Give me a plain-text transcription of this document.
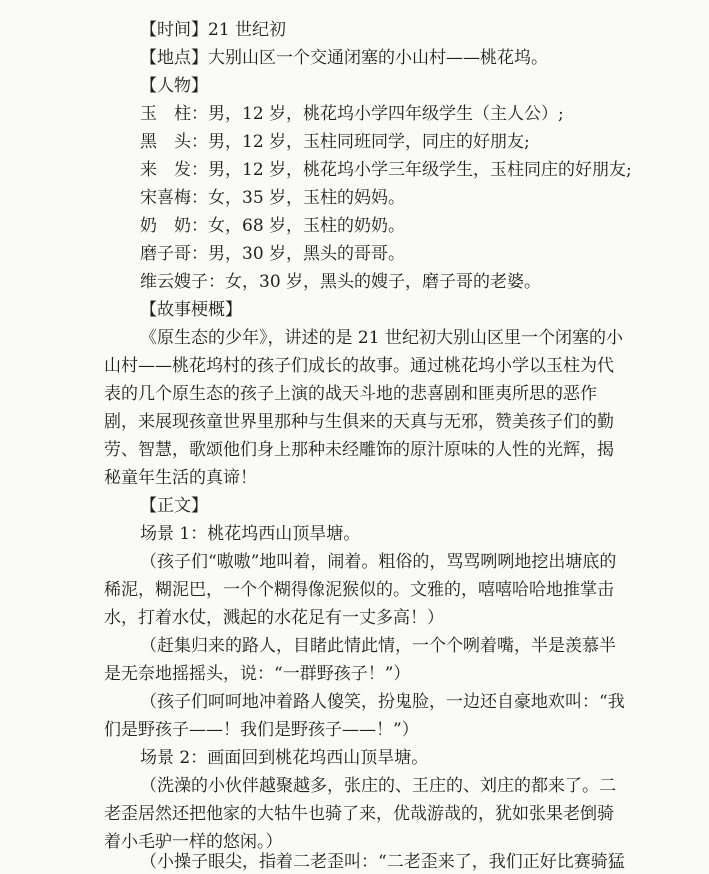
【时间】21 世纪初
【地点】大别山区一个交通闭塞的小山村——桃花坞。
【人物】
玉　柱：男，12 岁，桃花坞小学四年级学生（主人公）;
黑　头：男，12 岁，玉柱同班同学，同庄的好朋友;
来　发：男，12 岁，桃花坞小学三年级学生，玉柱同庄的好朋友;
宋喜梅：女，35 岁，玉柱的妈妈。
奶　奶：女，68 岁，玉柱的奶奶。
磨子哥：男，30 岁，黑头的哥哥。
维云嫂子：女，30 岁，黑头的嫂子，磨子哥的老婆。
【故事梗概】
《原生态的少年》，讲述的是 21 世纪初大别山区里一个闭塞的小
山村——桃花坞村的孩子们成长的故事。通过桃花坞小学以玉柱为代
表的几个原生态的孩子上演的战天斗地的悲喜剧和匪夷所思的恶作
剧，来展现孩童世界里那种与生俱来的天真与无邪，赞美孩子们的勤
劳、智慧，歌颂他们身上那种未经雕饰的原汁原味的人性的光辉，揭
秘童年生活的真谛！
【正文】
场景 1：桃花坞西山顶旱塘。
（孩子们“嗷嗷”地叫着，闹着。粗俗的，骂骂咧咧地挖出塘底的
稀泥，糊泥巴，一个个糊得像泥猴似的。文雅的，嘻嘻哈哈地推掌击
水，打着水仗，溅起的水花足有一丈多高！）
（赶集归来的路人，目睹此情此情，一个个咧着嘴，半是羡慕半
是无奈地摇摇头，说：“一群野孩子！”）
（孩子们呵呵地冲着路人傻笑，扮鬼脸，一边还自豪地欢叫：“我
们是野孩子——！我们是野孩子——！”）
场景 2：画面回到桃花坞西山顶旱塘。
（洗澡的小伙伴越聚越多，张庄的、王庄的、刘庄的都来了。二
老歪居然还把他家的大牯牛也骑了来，优哉游哉的，犹如张果老倒骑
着小毛驴一样的悠闲。）
（小操子眼尖，指着二老歪叫：“二老歪来了，我们正好比赛骑猛
